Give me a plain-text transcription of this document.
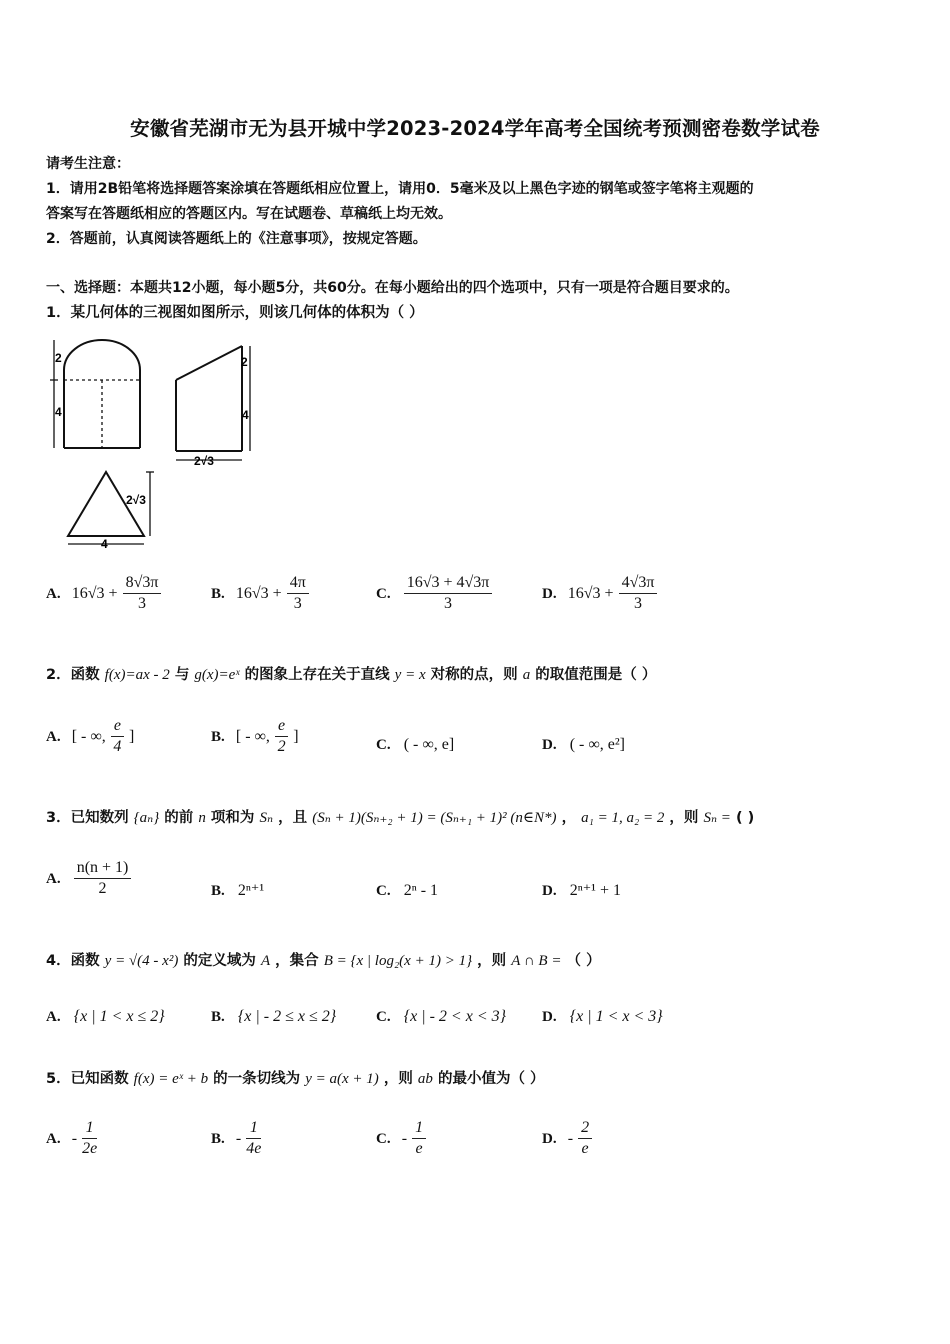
安徽省芜湖市无为县开城中学2023-2024学年高考全国统考预测密卷数学试卷
请考生注意：
1．请用2B铅笔将选择题答案涂填在答题纸相应位置上，请用0．5毫米及以上黑色字迹的钢笔或签字笔将主观题的
答案写在答题纸相应的答题区内。写在试题卷、草稿纸上均无效。
2．答题前，认真阅读答题纸上的《注意事项》，按规定答题。
一、选择题：本题共12小题，每小题5分，共60分。在每小题给出的四个选项中，只有一项是符合题目要求的。
1．某几何体的三视图如图所示，则该几何体的体积为（ ）
2
4
2
4
2√3
2√3
4
A. $16√3 + \frac{8√3\pi}{3}$	B. $16√3 + \frac{4\pi}{3}$	C. $\frac{16√3 + 4√3\pi}{3}$	D. $16√3 + \frac{4√3\pi}{3}$
2．函数 f(x)=ax - 2 与 g(x)=eˣ 的图象上存在关于直线 y = x 对称的点，则 a 的取值范围是（ ）
A. [ - ∞, $\frac{e}{4}$ ]	B. [ - ∞, $\frac{e}{2}$ ]	C. ( - ∞, e]	D. ( - ∞, e²]
3．已知数列 {aₙ} 的前 n 项和为 Sₙ ，且 (Sₙ + 1)(Sₙ₊₂ + 1) = (Sₙ₊₁ + 1)² (n∈N*) ， a₁ = 1, a₂ = 2 ，则 Sₙ = ( )
A. $\frac{n(n + 1)}{2}$	B. 2ⁿ⁺¹	C. 2ⁿ - 1	D. 2ⁿ⁺¹ + 1
4．函数 y = √(4 - x²) 的定义域为 A ，集合 B = {x | log₂(x + 1) > 1} ，则 A ∩ B = （ ）
A. {x | 1 < x ≤ 2}	B. {x | - 2 ≤ x ≤ 2}	C. {x | - 2 < x < 3} D. {x | 1 < x < 3}
5．已知函数 f(x) = eˣ + b 的一条切线为 y = a(x + 1) ，则 ab 的最小值为（ ）
A. - $\frac{1}{2e}$	B. - $\frac{1}{4e}$	C. - $\frac{1}{e}$	D. - $\frac{2}{e}$
